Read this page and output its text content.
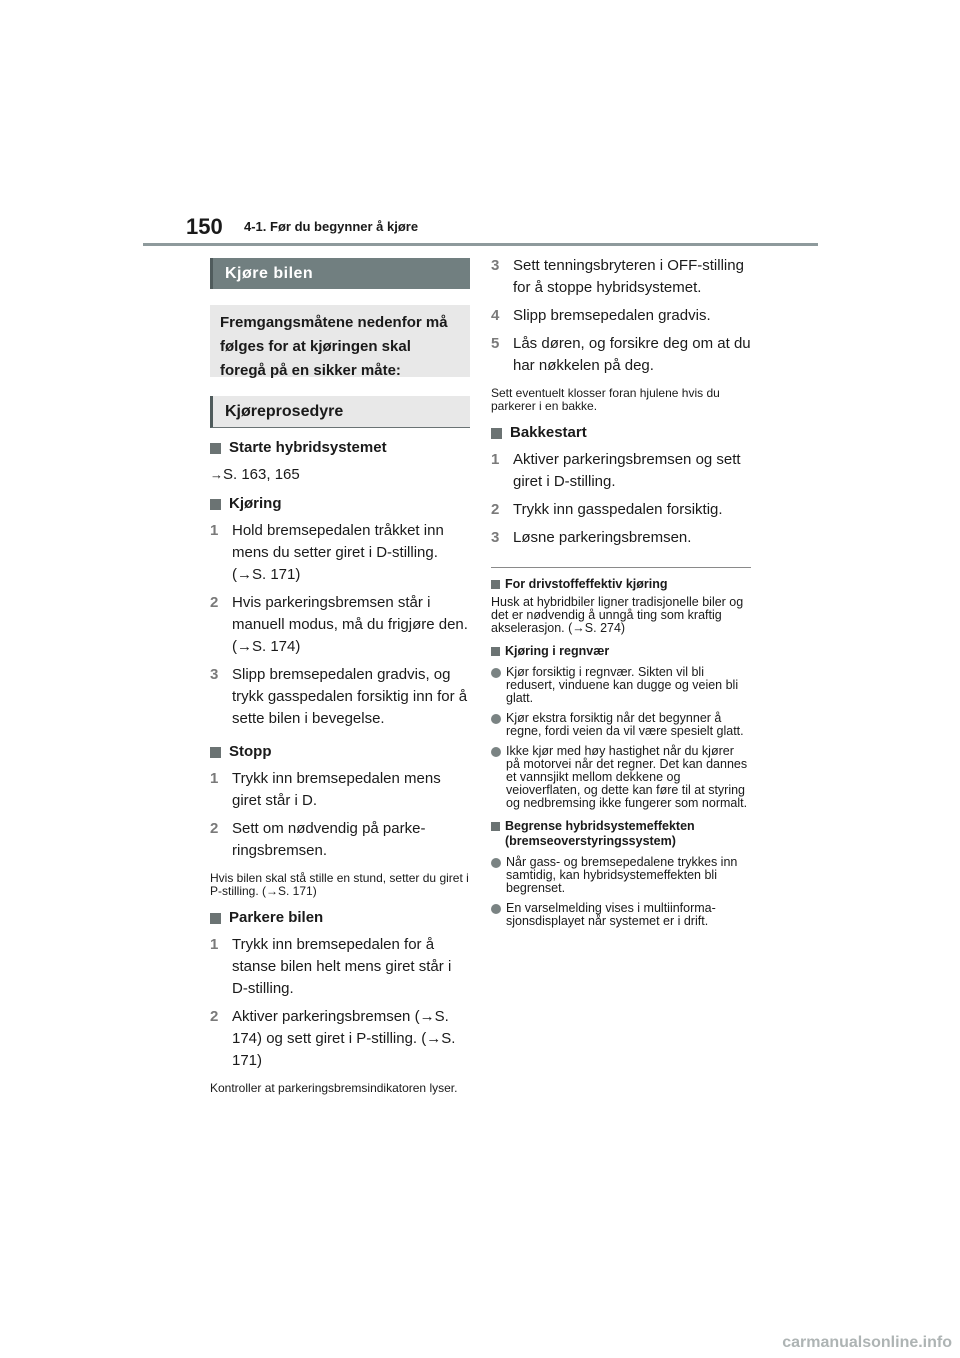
150 4-1. Før du begynner å kjøre
Kjøre bilen
Fremgangsmåtene nedenfor må følges for at kjøringen skal foregå på en sikker måte:
Kjøreprosedyre
Starte hybridsystemet
→S. 163, 165
Kjøring
1 Hold bremsepedalen tråkket inn mens du setter giret i D-stilling. (→S. 171)
2 Hvis parkeringsbremsen står i manuell modus, må du frigjøre den. (→S. 174)
3 Slipp bremsepedalen gradvis, og trykk gasspedalen forsiktig inn for å sette bilen i bevegelse.
Stopp
1 Trykk inn bremsepedalen mens giret står i D.
2 Sett om nødvendig på parkeringsbremsen.
Hvis bilen skal stå stille en stund, setter du giret i P-stilling. (→S. 171)
Parkere bilen
1 Trykk inn bremsepedalen for å stanse bilen helt mens giret står i D-stilling.
2 Aktiver parkeringsbremsen (→S. 174) og sett giret i P-stilling. (→S. 171)
Kontroller at parkeringsbremsindikatoren lyser.
3 Sett tenningsbryteren i OFF-stilling for å stoppe hybridsystemet.
4 Slipp bremsepedalen gradvis.
5 Lås døren, og forsikre deg om at du har nøkkelen på deg.
Sett eventuelt klosser foran hjulene hvis du parkerer i en bakke.
Bakkestart
1 Aktiver parkeringsbremsen og sett giret i D-stilling.
2 Trykk inn gasspedalen forsiktig.
3 Løsne parkeringsbremsen.
For drivstoffeffektiv kjøring
Husk at hybridbiler ligner tradisjonelle biler og det er nødvendig å unngå ting som kraftig akselerasjon. (→S. 274)
Kjøring i regnvær
Kjør forsiktig i regnvær. Sikten vil bli redusert, vinduene kan dugge og veien bli glatt.
Kjør ekstra forsiktig når det begynner å regne, fordi veien da vil være spesielt glatt.
Ikke kjør med høy hastighet når du kjører på motorvei når det regner. Det kan dannes et vannsjikt mellom dekkene og veioverflaten, og dette kan føre til at styring og nedbremsing ikke fungerer som normalt.
Begrense hybridsystemeffekten (bremseoverstyringssystem)
Når gass- og bremsepedalene trykkes inn samtidig, kan hybridsystemeffekten bli begrenset.
En varselmelding vises i multiinformasjonsdisplayet når systemet er i drift.
carmanualsonline.info
